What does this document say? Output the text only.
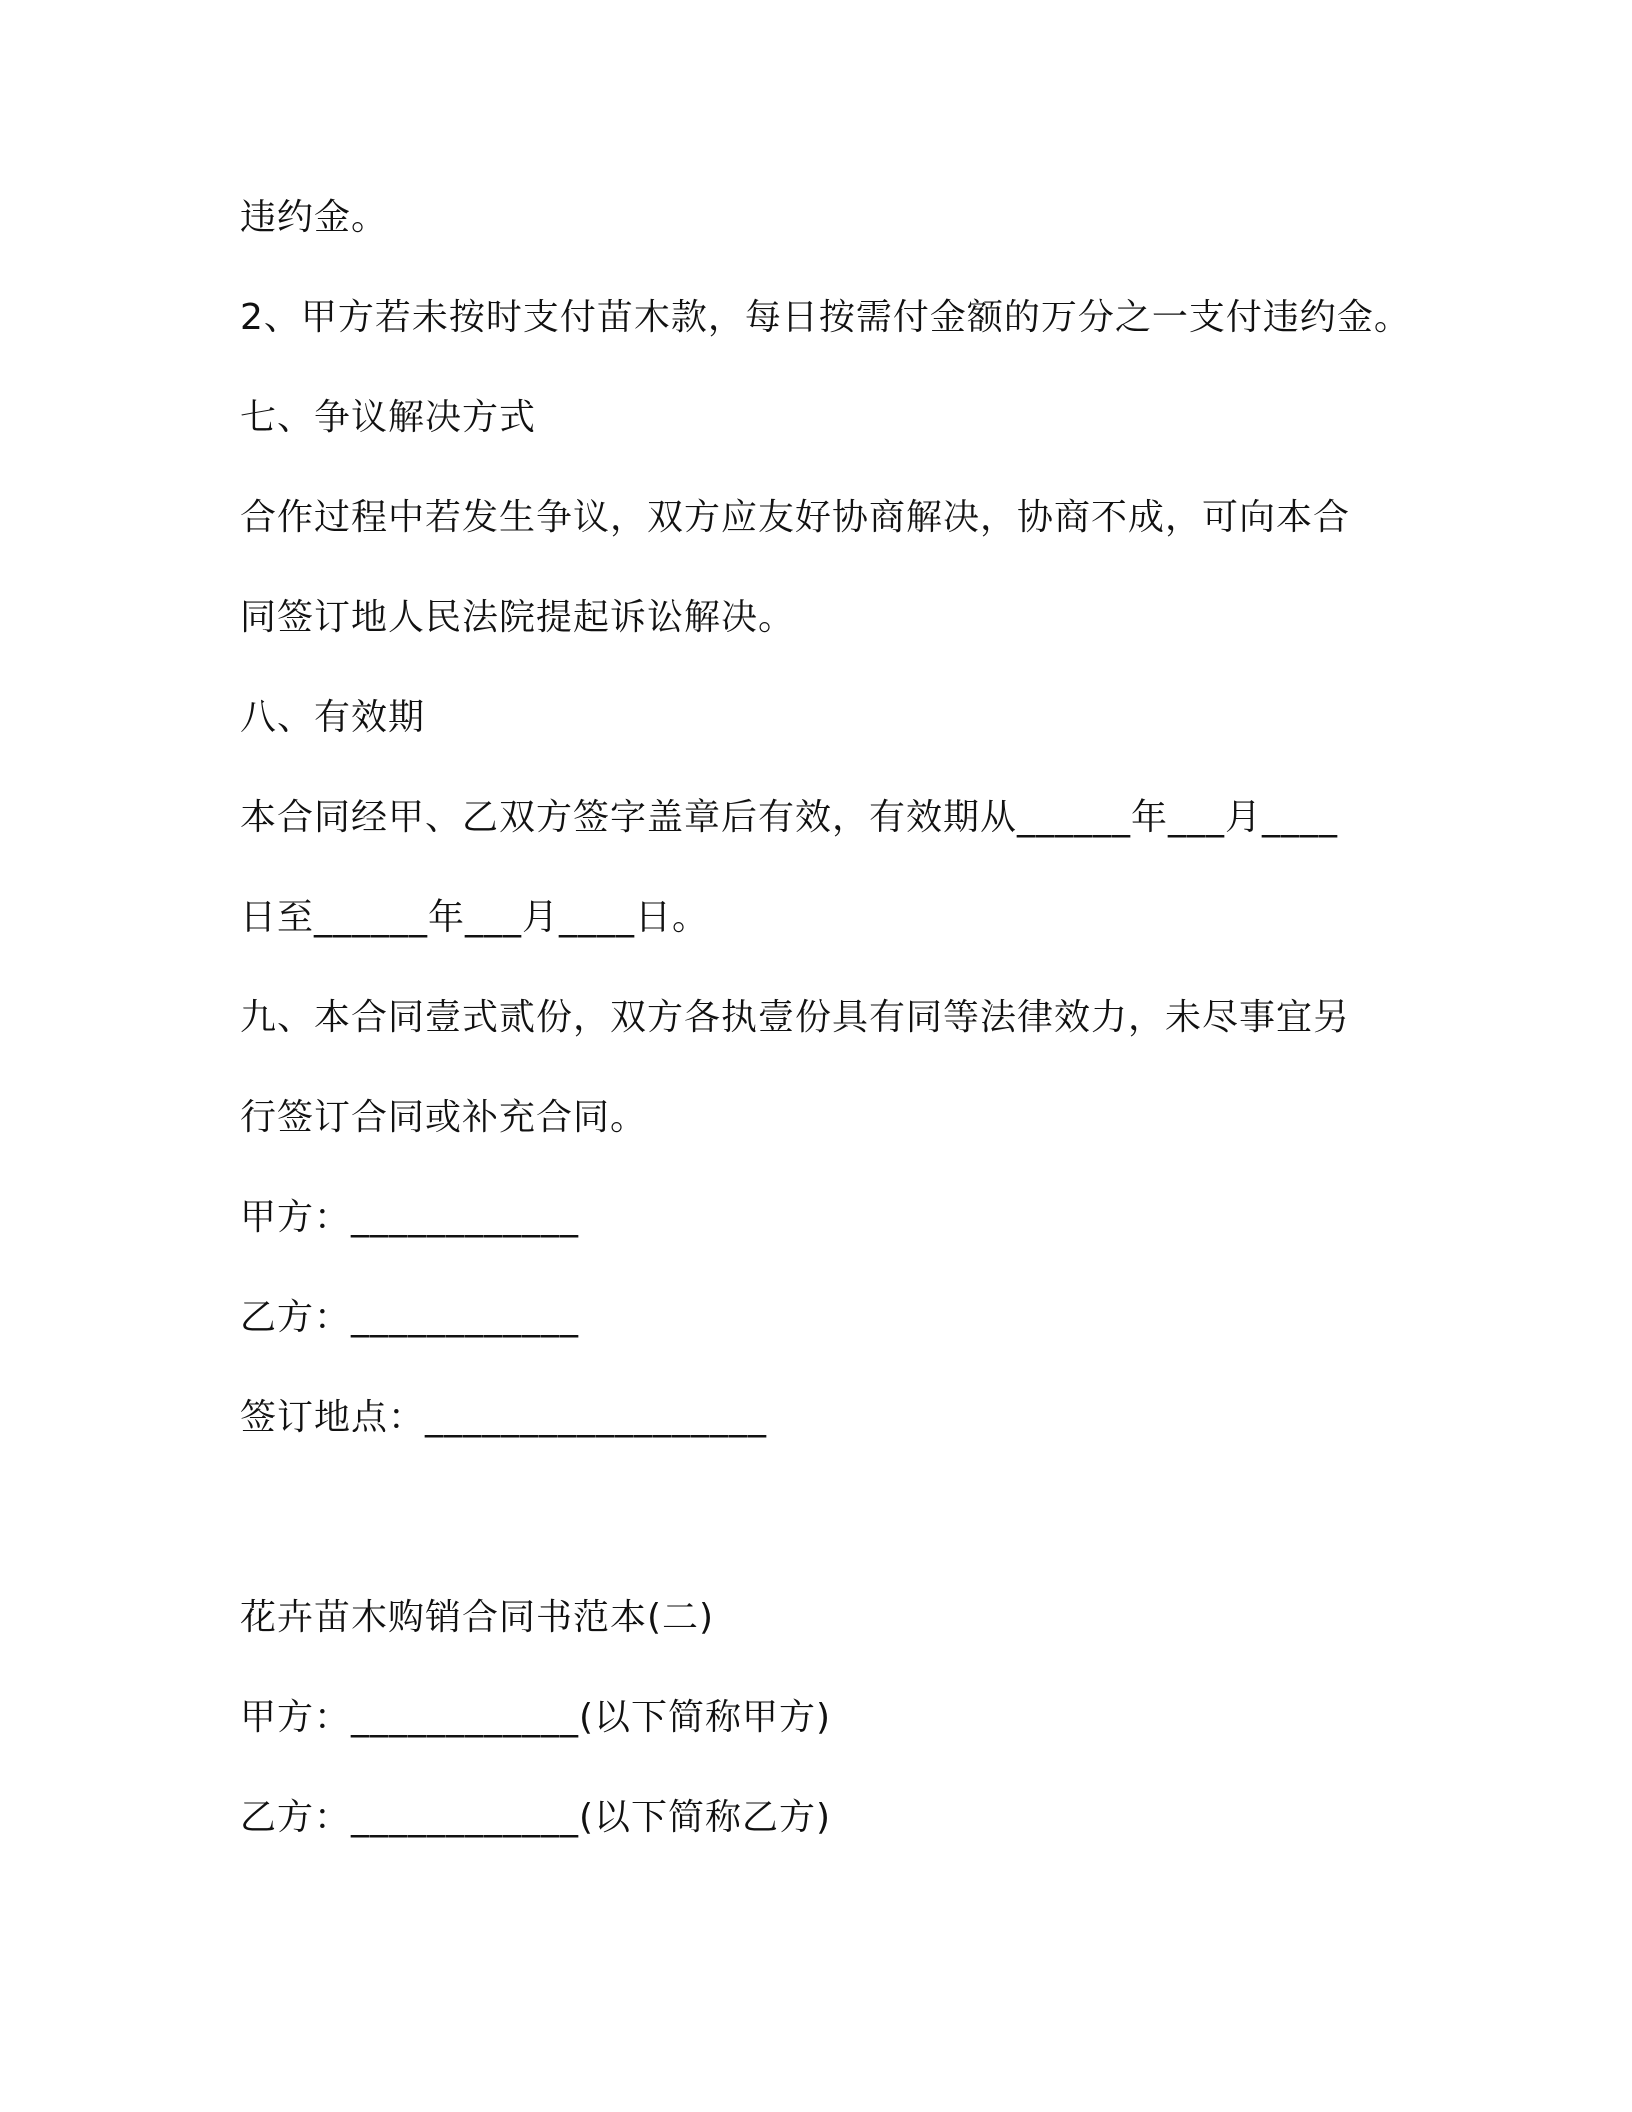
违约金。
2、甲方若未按时支付苗木款，每日按需付金额的万分之一支付违约金。
七、争议解决方式
合作过程中若发生争议，双方应友好协商解决，协商不成，可向本合
同签订地人民法院提起诉讼解决。
八、有效期
本合同经甲、乙双方签字盖章后有效，有效期从______年___月____
日至______年___月____日。
九、本合同壹式贰份，双方各执壹份具有同等法律效力，未尽事宜另
行签订合同或补充合同。
甲方：____________
乙方：____________
签订地点：__________________
花卉苗木购销合同书范本(二)
甲方：____________(以下简称甲方)
乙方：____________(以下简称乙方)
